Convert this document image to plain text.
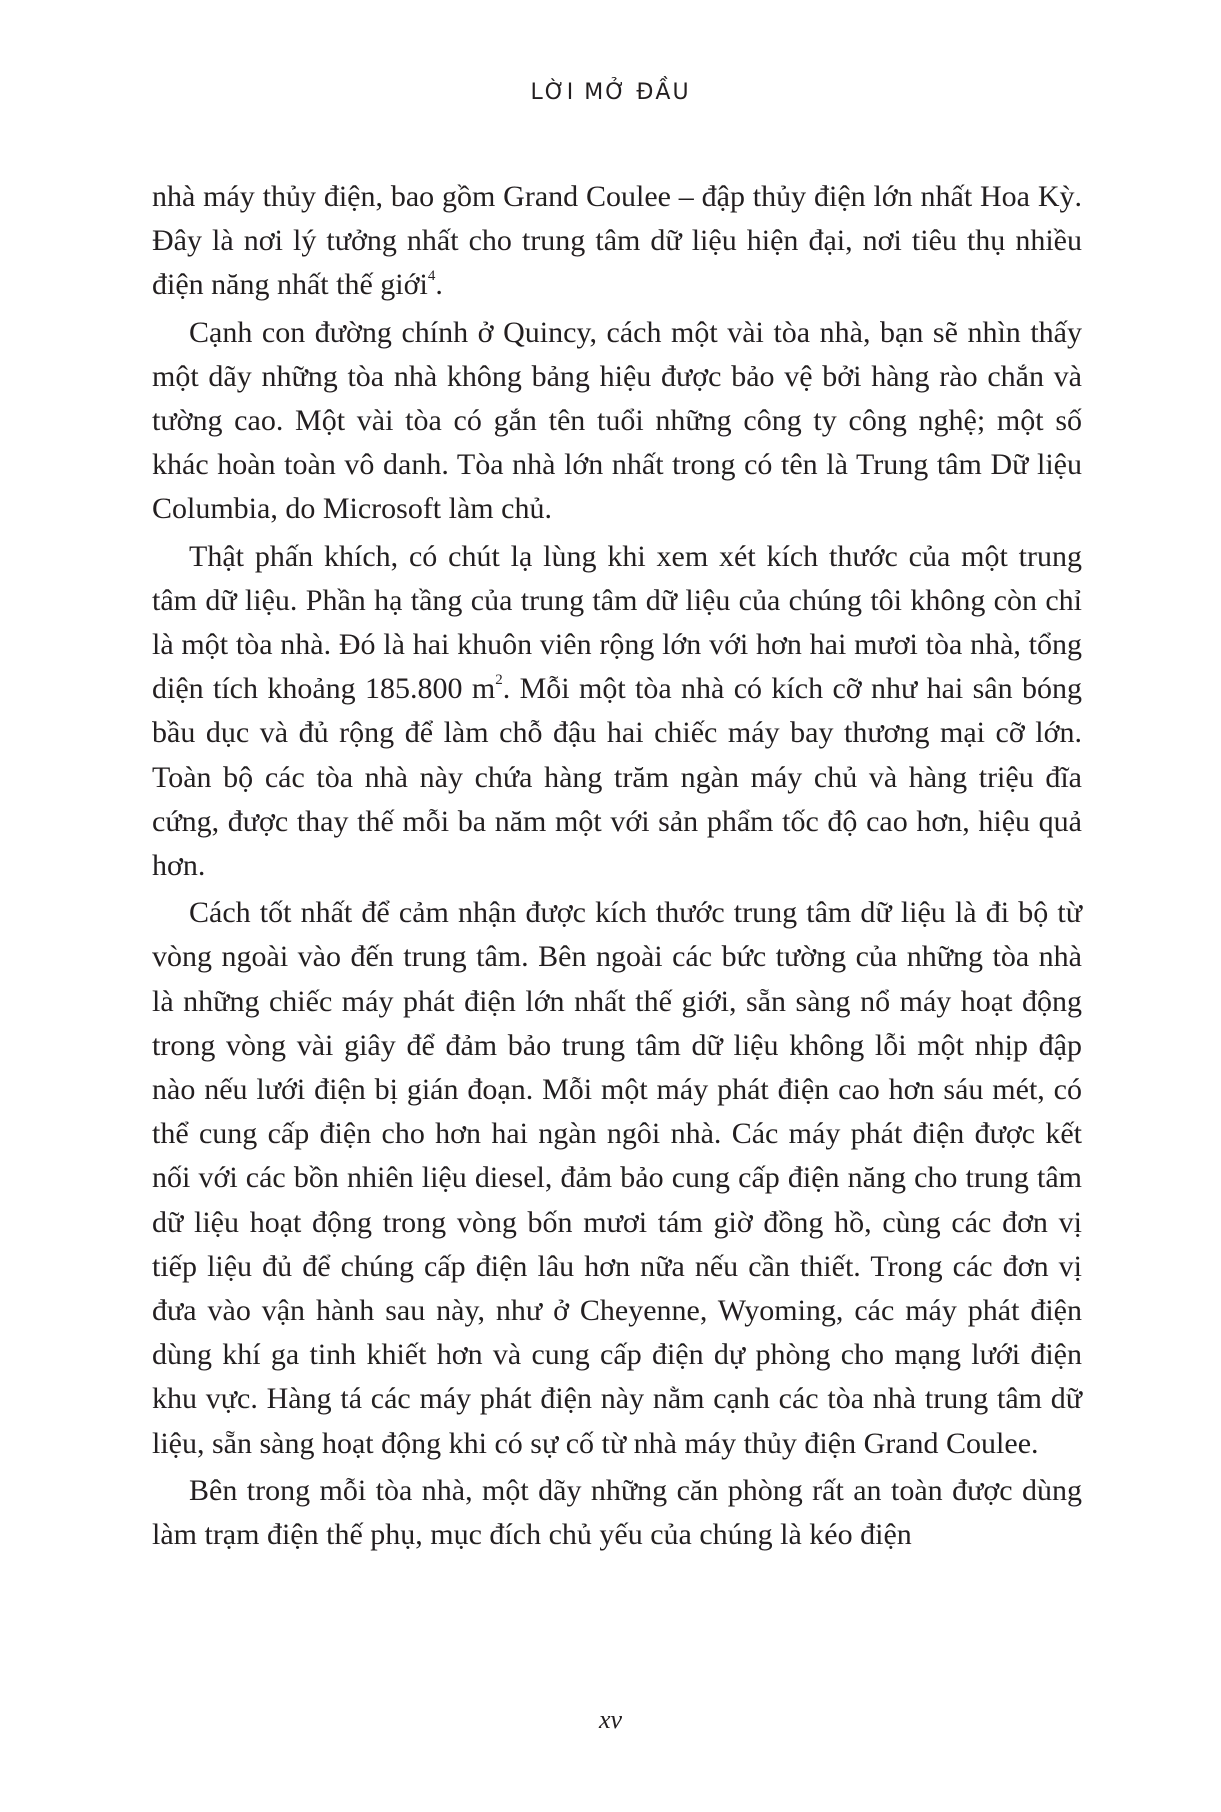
LỜI MỞ ĐẦU

nhà máy thủy điện, bao gồm Grand Coulee – đập thủy điện lớn nhất Hoa Kỳ. Đây là nơi lý tưởng nhất cho trung tâm dữ liệu hiện đại, nơi tiêu thụ nhiều điện năng nhất thế giới$^4$.

Cạnh con đường chính ở Quincy, cách một vài tòa nhà, bạn sẽ nhìn thấy một dãy những tòa nhà không bảng hiệu được bảo vệ bởi hàng rào chắn và tường cao. Một vài tòa có gắn tên tuổi những công ty công nghệ; một số khác hoàn toàn vô danh. Tòa nhà lớn nhất trong có tên là Trung tâm Dữ liệu Columbia, do Microsoft làm chủ.

Thật phấn khích, có chút lạ lùng khi xem xét kích thước của một trung tâm dữ liệu. Phần hạ tầng của trung tâm dữ liệu của chúng tôi không còn chỉ là một tòa nhà. Đó là hai khuôn viên rộng lớn với hơn hai mươi tòa nhà, tổng diện tích khoảng 185.800 m$^2$. Mỗi một tòa nhà có kích cỡ như hai sân bóng bầu dục và đủ rộng để làm chỗ đậu hai chiếc máy bay thương mại cỡ lớn. Toàn bộ các tòa nhà này chứa hàng trăm ngàn máy chủ và hàng triệu đĩa cứng, được thay thế mỗi ba năm một với sản phẩm tốc độ cao hơn, hiệu quả hơn.

Cách tốt nhất để cảm nhận được kích thước trung tâm dữ liệu là đi bộ từ vòng ngoài vào đến trung tâm. Bên ngoài các bức tường của những tòa nhà là những chiếc máy phát điện lớn nhất thế giới, sẵn sàng nổ máy hoạt động trong vòng vài giây để đảm bảo trung tâm dữ liệu không lỗi một nhịp đập nào nếu lưới điện bị gián đoạn. Mỗi một máy phát điện cao hơn sáu mét, có thể cung cấp điện cho hơn hai ngàn ngôi nhà. Các máy phát điện được kết nối với các bồn nhiên liệu diesel, đảm bảo cung cấp điện năng cho trung tâm dữ liệu hoạt động trong vòng bốn mươi tám giờ đồng hồ, cùng các đơn vị tiếp liệu đủ để chúng cấp điện lâu hơn nữa nếu cần thiết. Trong các đơn vị đưa vào vận hành sau này, như ở Cheyenne, Wyoming, các máy phát điện dùng khí ga tinh khiết hơn và cung cấp điện dự phòng cho mạng lưới điện khu vực. Hàng tá các máy phát điện này nằm cạnh các tòa nhà trung tâm dữ liệu, sẵn sàng hoạt động khi có sự cố từ nhà máy thủy điện Grand Coulee.

Bên trong mỗi tòa nhà, một dãy những căn phòng rất an toàn được dùng làm trạm điện thế phụ, mục đích chủ yếu của chúng là kéo điện

xv
